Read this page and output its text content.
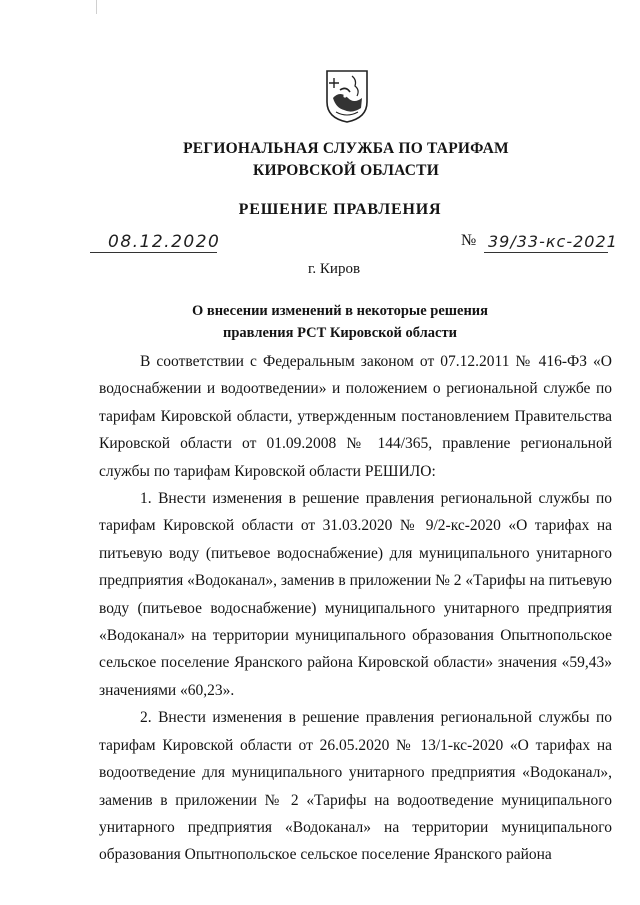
РЕГИОНАЛЬНАЯ СЛУЖБА ПО ТАРИФАМ
КИРОВСКОЙ ОБЛАСТИ
РЕШЕНИЕ ПРАВЛЕНИЯ
08.12.2020	№ 39/33-кс-2021
г. Киров
О внесении изменений в некоторые решения
правления РСТ Кировской области

В соответствии с Федеральным законом от 07.12.2011 № 416-ФЗ «О водоснабжении и водоотведении» и положением о региональной службе по тарифам Кировской области, утвержденным постановлением Правительства Кировской области от 01.09.2008 № 144/365, правление региональной службы по тарифам Кировской области РЕШИЛО:

1. Внести изменения в решение правления региональной службы по тарифам Кировской области от 31.03.2020 № 9/2-кс-2020 «О тарифах на питьевую воду (питьевое водоснабжение) для муниципального унитарного предприятия «Водоканал», заменив в приложении № 2 «Тарифы на питьевую воду (питьевое водоснабжение) муниципального унитарного предприятия «Водоканал» на территории муниципального образования Опытнопольское сельское поселение Яранского района Кировской области» значения «59,43» значениями «60,23».

2. Внести изменения в решение правления региональной службы по тарифам Кировской области от 26.05.2020 № 13/1-кс-2020 «О тарифах на водоотведение для муниципального унитарного предприятия «Водоканал», заменив в приложении № 2 «Тарифы на водоотведение муниципального унитарного предприятия «Водоканал» на территории муниципального образования Опытнопольское сельское поселение Яранского района
